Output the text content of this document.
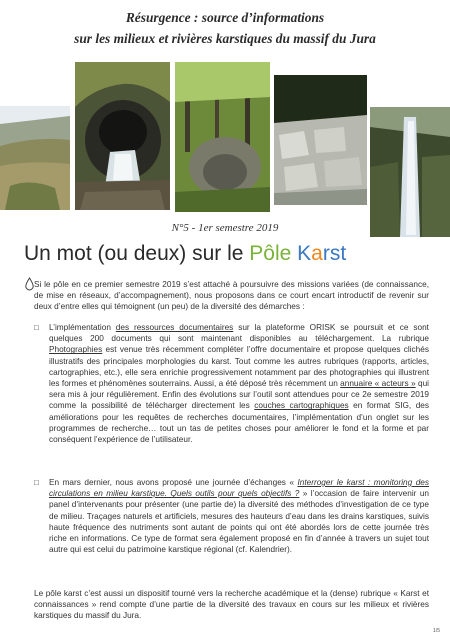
Résurgence : source d’informations
sur les milieux et rivières karstiques du massif du Jura
N°5 - 1er semestre 2019
Un mot (ou deux) sur le Pôle Karst

Si le pôle en ce premier semestre 2019 s’est attaché à poursuivre des missions variées (de connaissance, de mise en réseaux, d’accompagnement), nous proposons dans ce court encart introductif de revenir sur deux d’entre elles qui témoignent (un peu) de la diversité des démarches :

□	L’implémentation des ressources documentaires sur la plateforme ORISK se poursuit et ce sont quelques 200 documents qui sont maintenant disponibles au téléchargement. La rubrique Photographies est venue très récemment compléter l’offre documentaire et propose quelques clichés illustratifs des principales morphologies du karst. Tout comme les autres rubriques (rapports, articles, cartographies, etc.), elle sera enrichie progressivement notamment par des photographies qui illustrent les formes et phénomènes souterrains. Aussi, a été déposé très récemment un annuaire « acteurs » qui sera mis à jour régulièrement. Enfin des évolutions sur l’outil sont attendues pour ce 2e semestre 2019 comme la possibilité de télécharger directement les couches cartographiques en format SIG, des améliorations pour les requêtes de recherches documentaires, l’implémentation d’un onglet sur les programmes de recherche… tout un tas de petites choses pour améliorer le fond et la forme et par conséquent l’expérience de l’utilisateur.

□	En mars dernier, nous avons proposé une journée d’échanges « Interroger le karst : monitoring des circulations en milieu karstique. Quels outils pour quels objectifs ? » l’occasion de faire intervenir un panel d’intervenants pour présenter (une partie de) la diversité des méthodes d’investigation de ce type de milieu. Traçages naturels et artificiels, mesures des hauteurs d’eau dans les drains karstiques, suivis haute fréquence des nutriments sont autant de points qui ont été abordés lors de cette journée très riche en informations. Ce type de format sera également proposé en fin d’année à travers un sujet tout autre qui est celui du patrimoine karstique régional (cf. Kalendrier).

Le pôle karst c’est aussi un dispositif tourné vers la recherche académique et la (dense) rubrique « Karst et connaissances » rend compte d’une partie de la diversité des travaux en cours sur les milieux et rivières karstiques du massif du Jura.

1/5
